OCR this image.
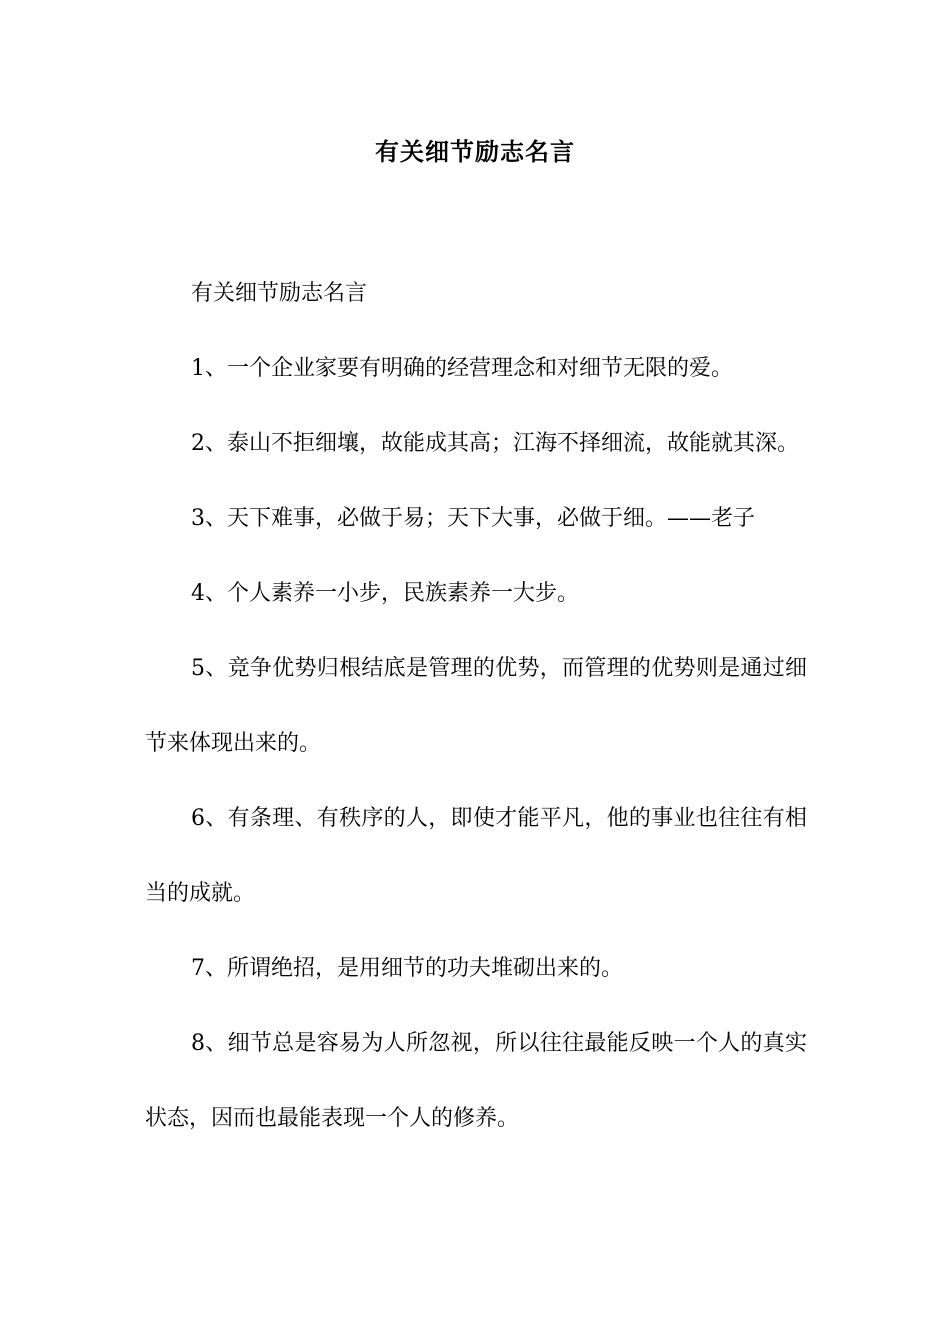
有关细节励志名言

有关细节励志名言

1、一个企业家要有明确的经营理念和对细节无限的爱。

2、泰山不拒细壤，故能成其高；江海不择细流，故能就其深。

3、天下难事，必做于易；天下大事，必做于细。——老子

4、个人素养一小步，民族素养一大步。

5、竞争优势归根结底是管理的优势，而管理的优势则是通过细节来体现出来的。

6、有条理、有秩序的人，即使才能平凡，他的事业也往往有相当的成就。

7、所谓绝招，是用细节的功夫堆砌出来的。

8、细节总是容易为人所忽视，所以往往最能反映一个人的真实状态，因而也最能表现一个人的修养。
